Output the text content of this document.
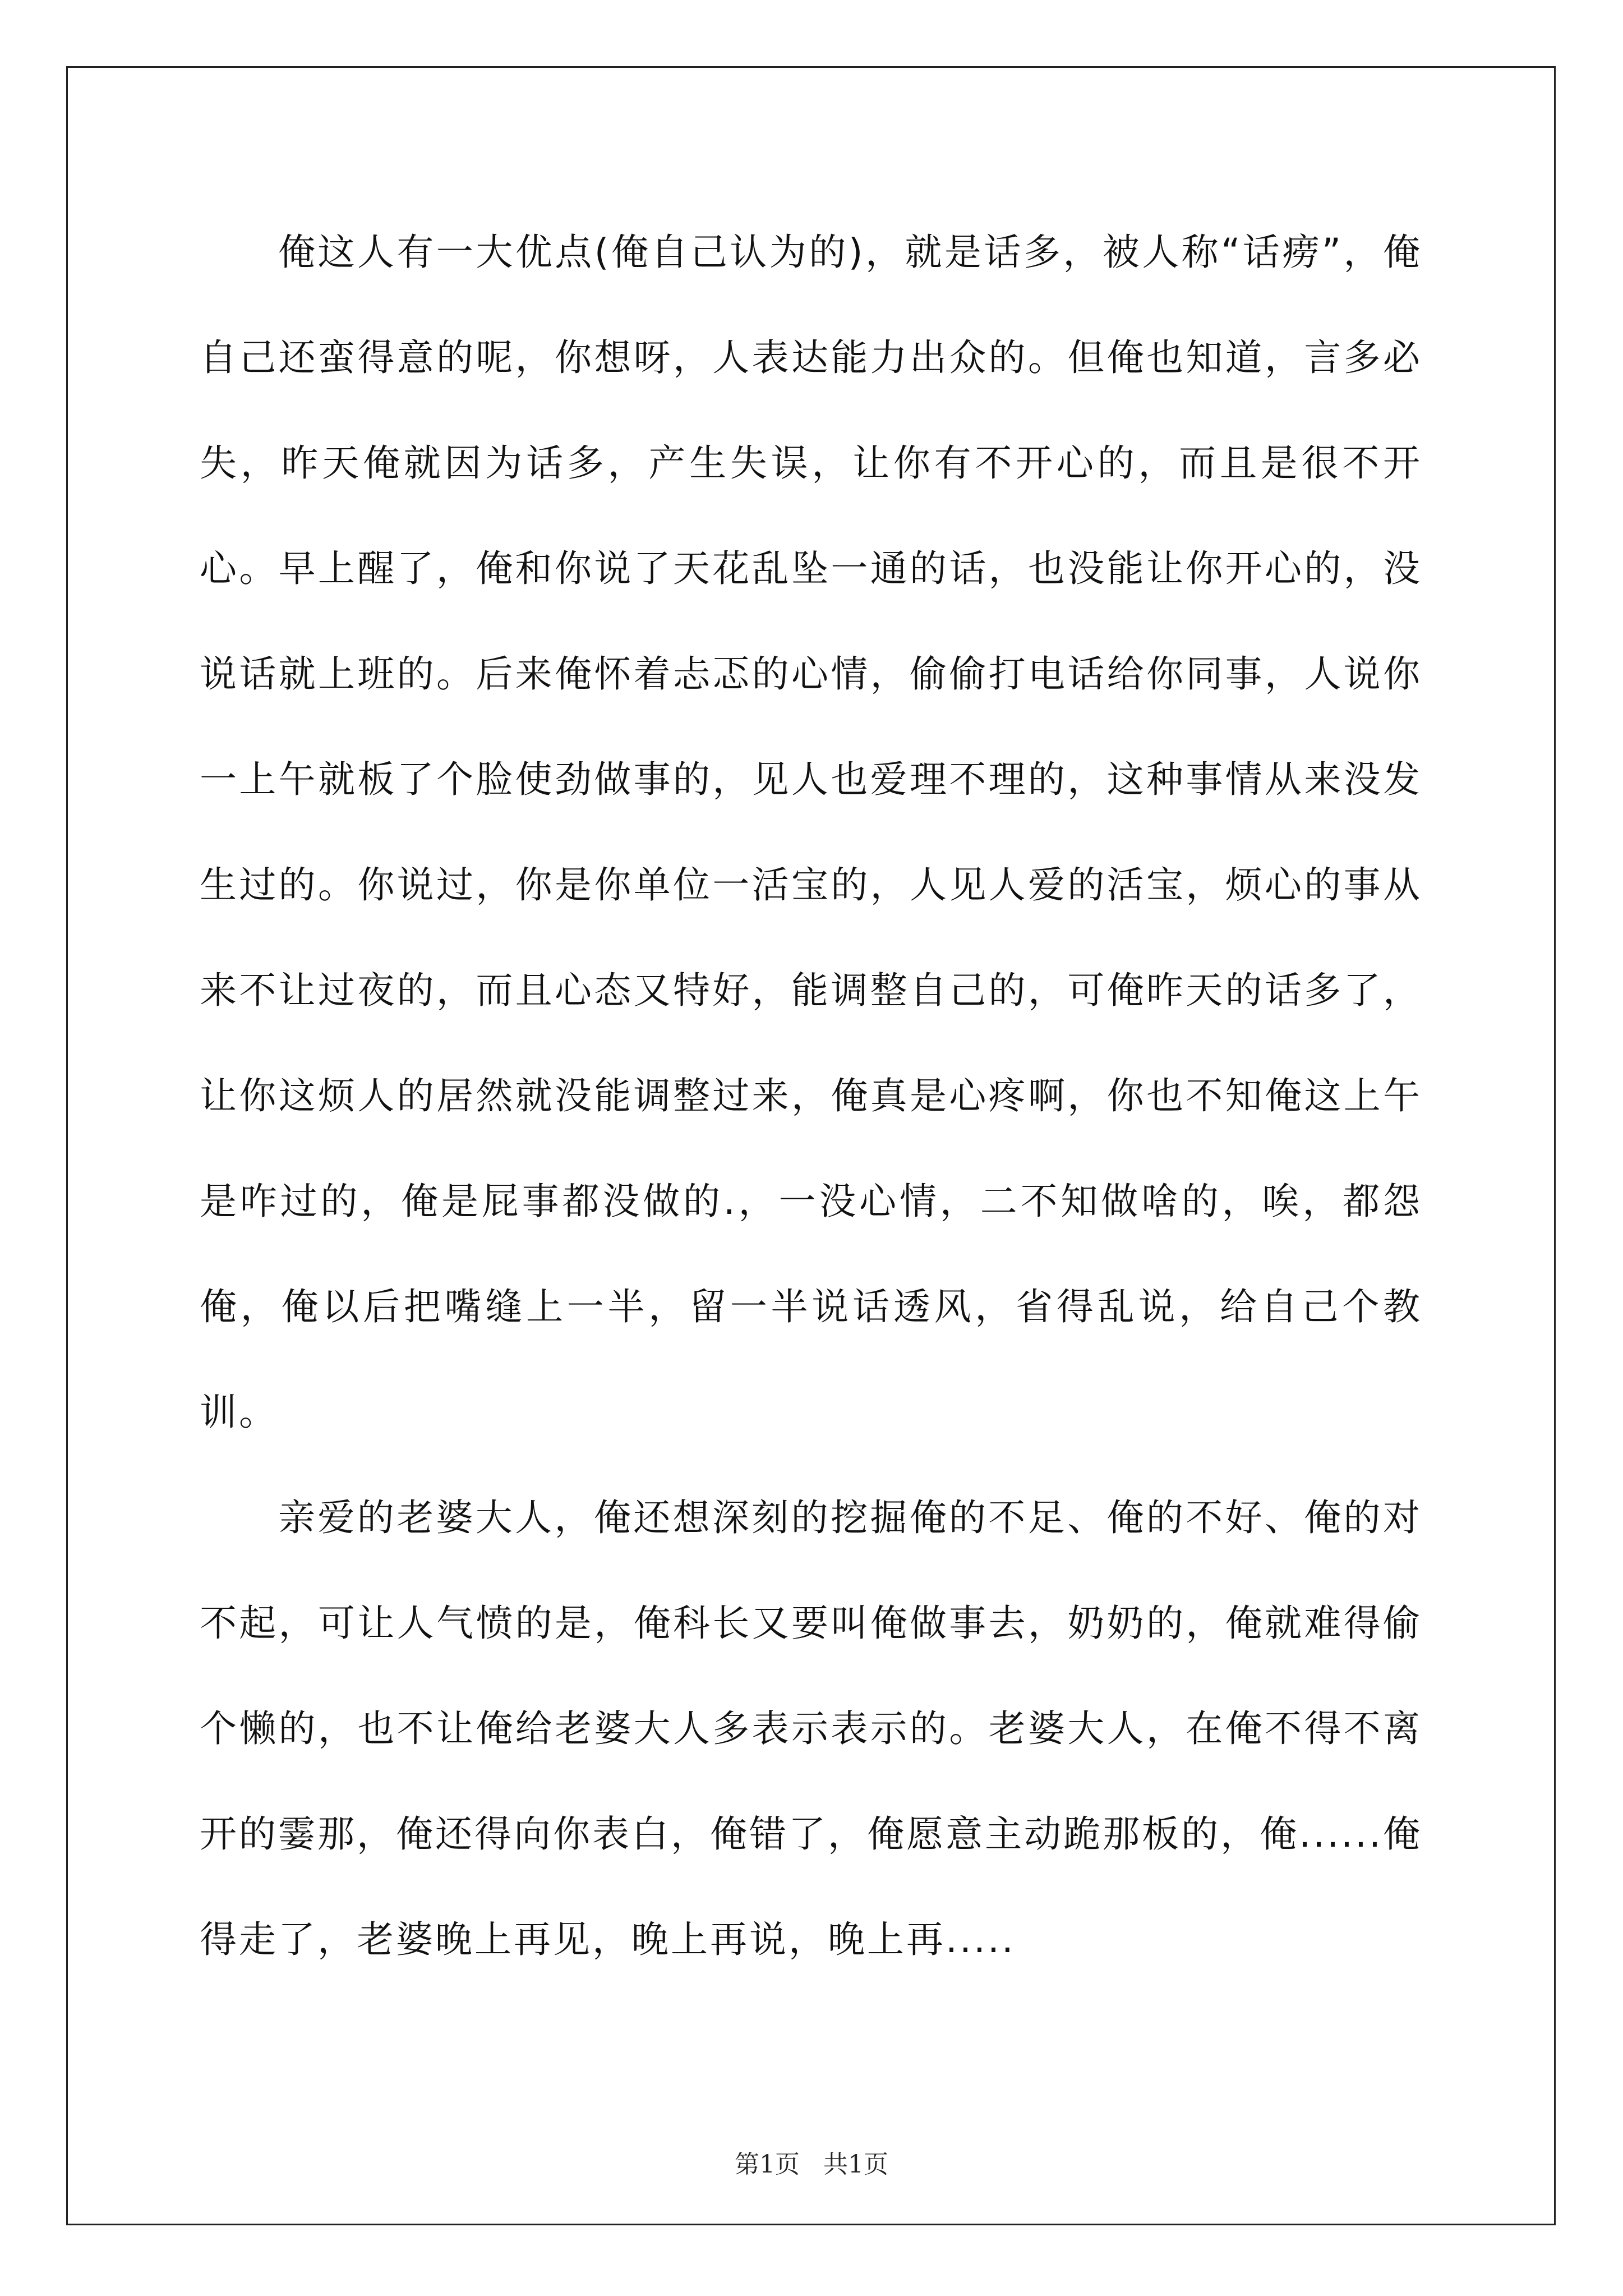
俺这人有一大优点(俺自己认为的)，就是话多，被人称“话痨”，俺自己还蛮得意的呢，你想呀，人表达能力出众的。但俺也知道，言多必失，昨天俺就因为话多，产生失误，让你有不开心的，而且是很不开心。早上醒了，俺和你说了天花乱坠一通的话，也没能让你开心的，没说话就上班的。后来俺怀着忐忑的心情，偷偷打电话给你同事，人说你一上午就板了个脸使劲做事的，见人也爱理不理的，这种事情从来没发生过的。你说过，你是你单位一活宝的，人见人爱的活宝，烦心的事从来不让过夜的，而且心态又特好，能调整自己的，可俺昨天的话多了，让你这烦人的居然就没能调整过来，俺真是心疼啊，你也不知俺这上午是咋过的，俺是屁事都没做的.，一没心情，二不知做啥的，唉，都怨俺，俺以后把嘴缝上一半，留一半说话透风，省得乱说，给自己个教训。

亲爱的老婆大人，俺还想深刻的挖掘俺的不足、俺的不好、俺的对不起，可让人气愤的是，俺科长又要叫俺做事去，奶奶的，俺就难得偷个懒的，也不让俺给老婆大人多表示表示的。老婆大人，在俺不得不离开的霎那，俺还得向你表白，俺错了，俺愿意主动跪那板的，俺......俺得走了，老婆晚上再见，晚上再说，晚上再.....

第1页   共1页
